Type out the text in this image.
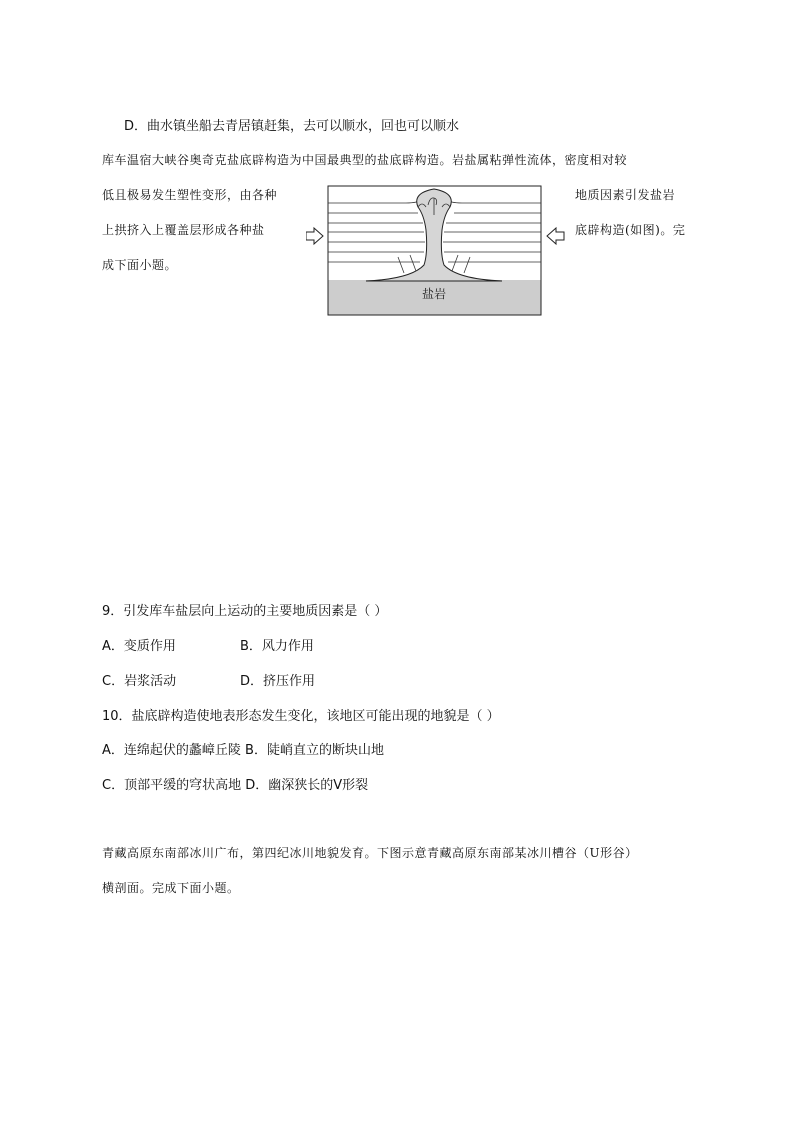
D．曲水镇坐船去青居镇赶集，去可以顺水，回也可以顺水
库车温宿大峡谷奥奇克盐底辟构造为中国最典型的盐底辟构造。岩盐属粘弹性流体，密度相对较
低且极易发生塑性变形，由各种	地质因素引发盐岩
上拱挤入上覆盖层形成各种盐	底辟构造(如图)。完
成下面小题。
盐岩
9．引发库车盐层向上运动的主要地质因素是（ ）
A．变质作用	B．风力作用
C．岩浆活动	D．挤压作用
10．盐底辟构造使地表形态发生变化，该地区可能出现的地貌是（ ）
A．连绵起伏的蠡嶂丘陵 B．陡峭直立的断块山地
C．顶部平缓的穹状高地 D．幽深狭长的V形裂
青藏高原东南部冰川广布，第四纪冰川地貌发育。下图示意青藏高原东南部某冰川槽谷（U形谷）
横剖面。完成下面小题。
